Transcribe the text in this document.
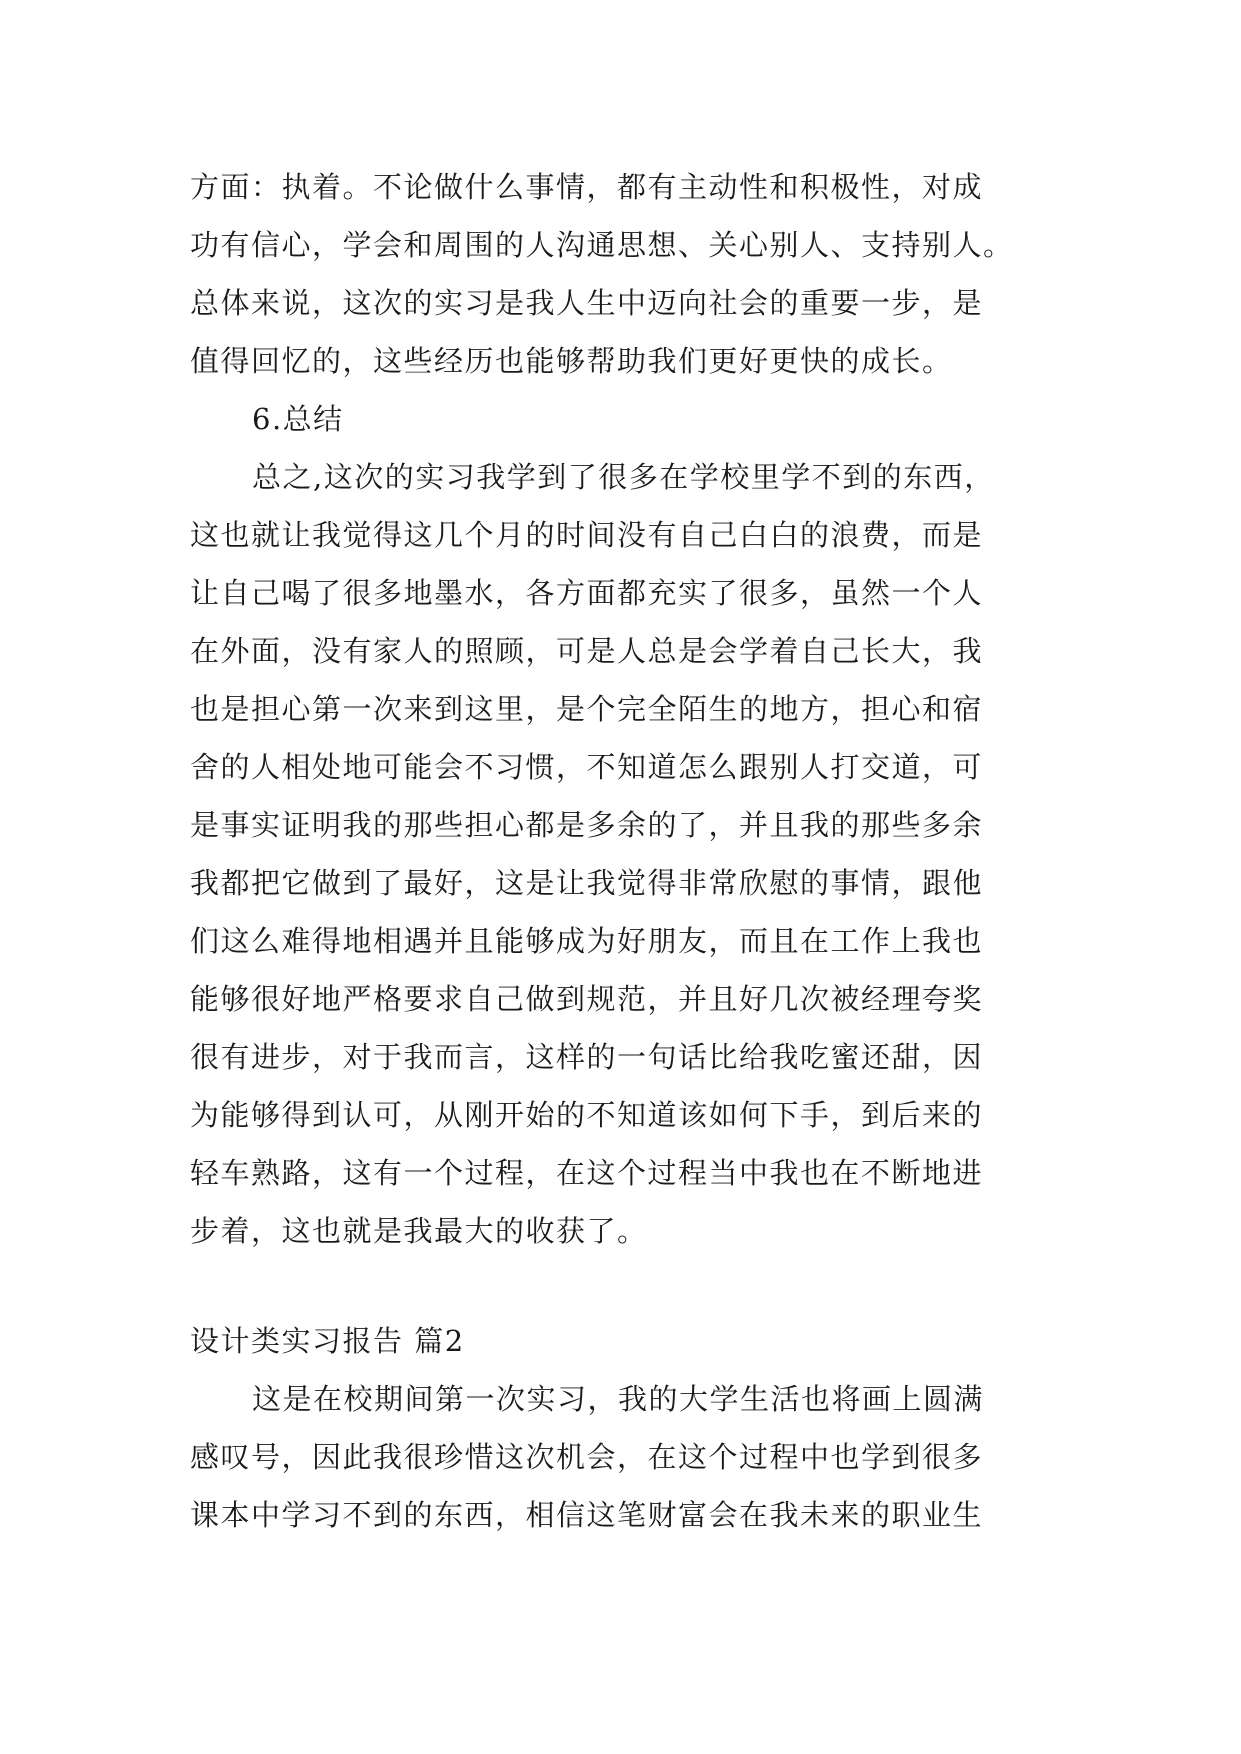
方面：执着。不论做什么事情，都有主动性和积极性，对成
功有信心，学会和周围的人沟通思想、关心别人、支持别人。
总体来说，这次的实习是我人生中迈向社会的重要一步，是
值得回忆的，这些经历也能够帮助我们更好更快的成长。
6.总结
总之,这次的实习我学到了很多在学校里学不到的东西，
这也就让我觉得这几个月的时间没有自己白白的浪费，而是
让自己喝了很多地墨水，各方面都充实了很多，虽然一个人
在外面，没有家人的照顾，可是人总是会学着自己长大，我
也是担心第一次来到这里，是个完全陌生的地方，担心和宿
舍的人相处地可能会不习惯，不知道怎么跟别人打交道，可
是事实证明我的那些担心都是多余的了，并且我的那些多余
我都把它做到了最好，这是让我觉得非常欣慰的事情，跟他
们这么难得地相遇并且能够成为好朋友，而且在工作上我也
能够很好地严格要求自己做到规范，并且好几次被经理夸奖
很有进步，对于我而言，这样的一句话比给我吃蜜还甜，因
为能够得到认可，从刚开始的不知道该如何下手，到后来的
轻车熟路，这有一个过程，在这个过程当中我也在不断地进
步着，这也就是我最大的收获了。
设计类实习报告 篇2
这是在校期间第一次实习，我的大学生活也将画上圆满
感叹号，因此我很珍惜这次机会，在这个过程中也学到很多
课本中学习不到的东西，相信这笔财富会在我未来的职业生
